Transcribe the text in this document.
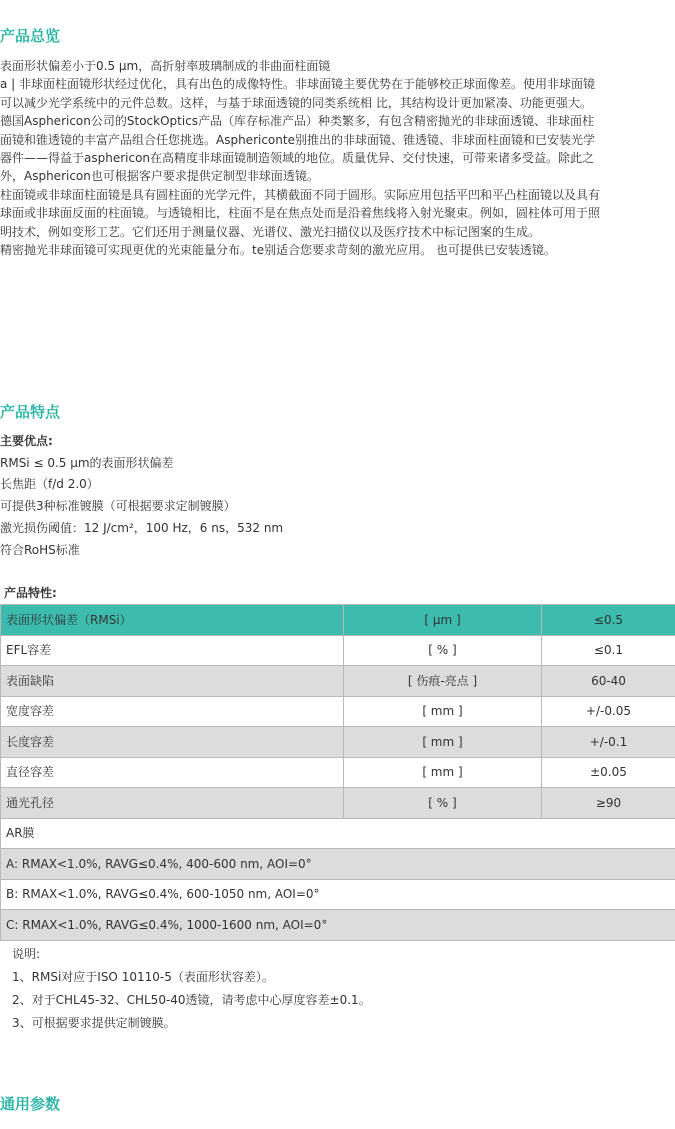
产品总览
表面形状偏差小于0.5 µm，高折射率玻璃制成的非曲面柱面镜
a | 非球面柱面镜形状经过优化，具有出色的成像特性。非球面镜主要优势在于能够校正球面像差。使用非球面镜
可以减少光学系统中的元件总数。这样，与基于球面透镜的同类系统相 比，其结构设计更加紧凑、功能更强大。
德国Asphericon公司的StockOptics产品（库存标准产品）种类繁多，有包含精密抛光的非球面透镜、非球面柱
面镜和锥透镜的丰富产品组合任您挑选。Asphericonte别推出的非球面镜、锥透镜、非球面柱面镜和已安装光学
器件——得益于asphericon在高精度非球面镜制造领域的地位。质量优异、交付快速，可带来诸多受益。除此之
外，Asphericon也可根据客户要求提供定制型非球面透镜。
柱面镜或非球面柱面镜是具有圆柱面的光学元件，其横截面不同于圆形。实际应用包括平凹和平凸柱面镜以及具有
球面或非球面反面的柱面镜。与透镜相比，柱面不是在焦点处而是沿着焦线将入射光聚束。例如，圆柱体可用于照
明技术，例如变形工艺。它们还用于测量仪器、光谱仪、激光扫描仪以及医疗技术中标记图案的生成。
精密抛光非球面镜可实现更优的光束能量分布。te别适合您要求苛刻的激光应用。 也可提供已安装透镜。
产品特点
主要优点:
RMSi ≤ 0.5 µm的表面形状偏差
长焦距（f/d 2.0）
可提供3种标准镀膜（可根据要求定制镀膜）
激光损伤阈值：12 J/cm²，100 Hz，6 ns，532 nm
符合RoHS标准
产品特性:
表面形状偏差（RMSi）	[ µm ]	≤0.5
EFL容差	[ % ]	≤0.1
表面缺陷	[ 伤痕-亮点 ]	60-40
宽度容差	[ mm ]	+/-0.05
长度容差	[ mm ]	+/-0.1
直径容差	[ mm ]	±0.05
通光孔径	[ % ]	≥90
AR膜		
A: RMAX<1.0%, RAVG≤0.4%, 400-600 nm, AOI=0°		
B: RMAX<1.0%, RAVG≤0.4%, 600-1050 nm, AOI=0°		
C: RMAX<1.0%, RAVG≤0.4%, 1000-1600 nm, AOI=0°		
说明:
1、RMSi对应于ISO 10110-5（表面形状容差）。
2、对于CHL45-32、CHL50-40透镜，请考虑中心厚度容差±0.1。
3、可根据要求提供定制镀膜。
通用参数
